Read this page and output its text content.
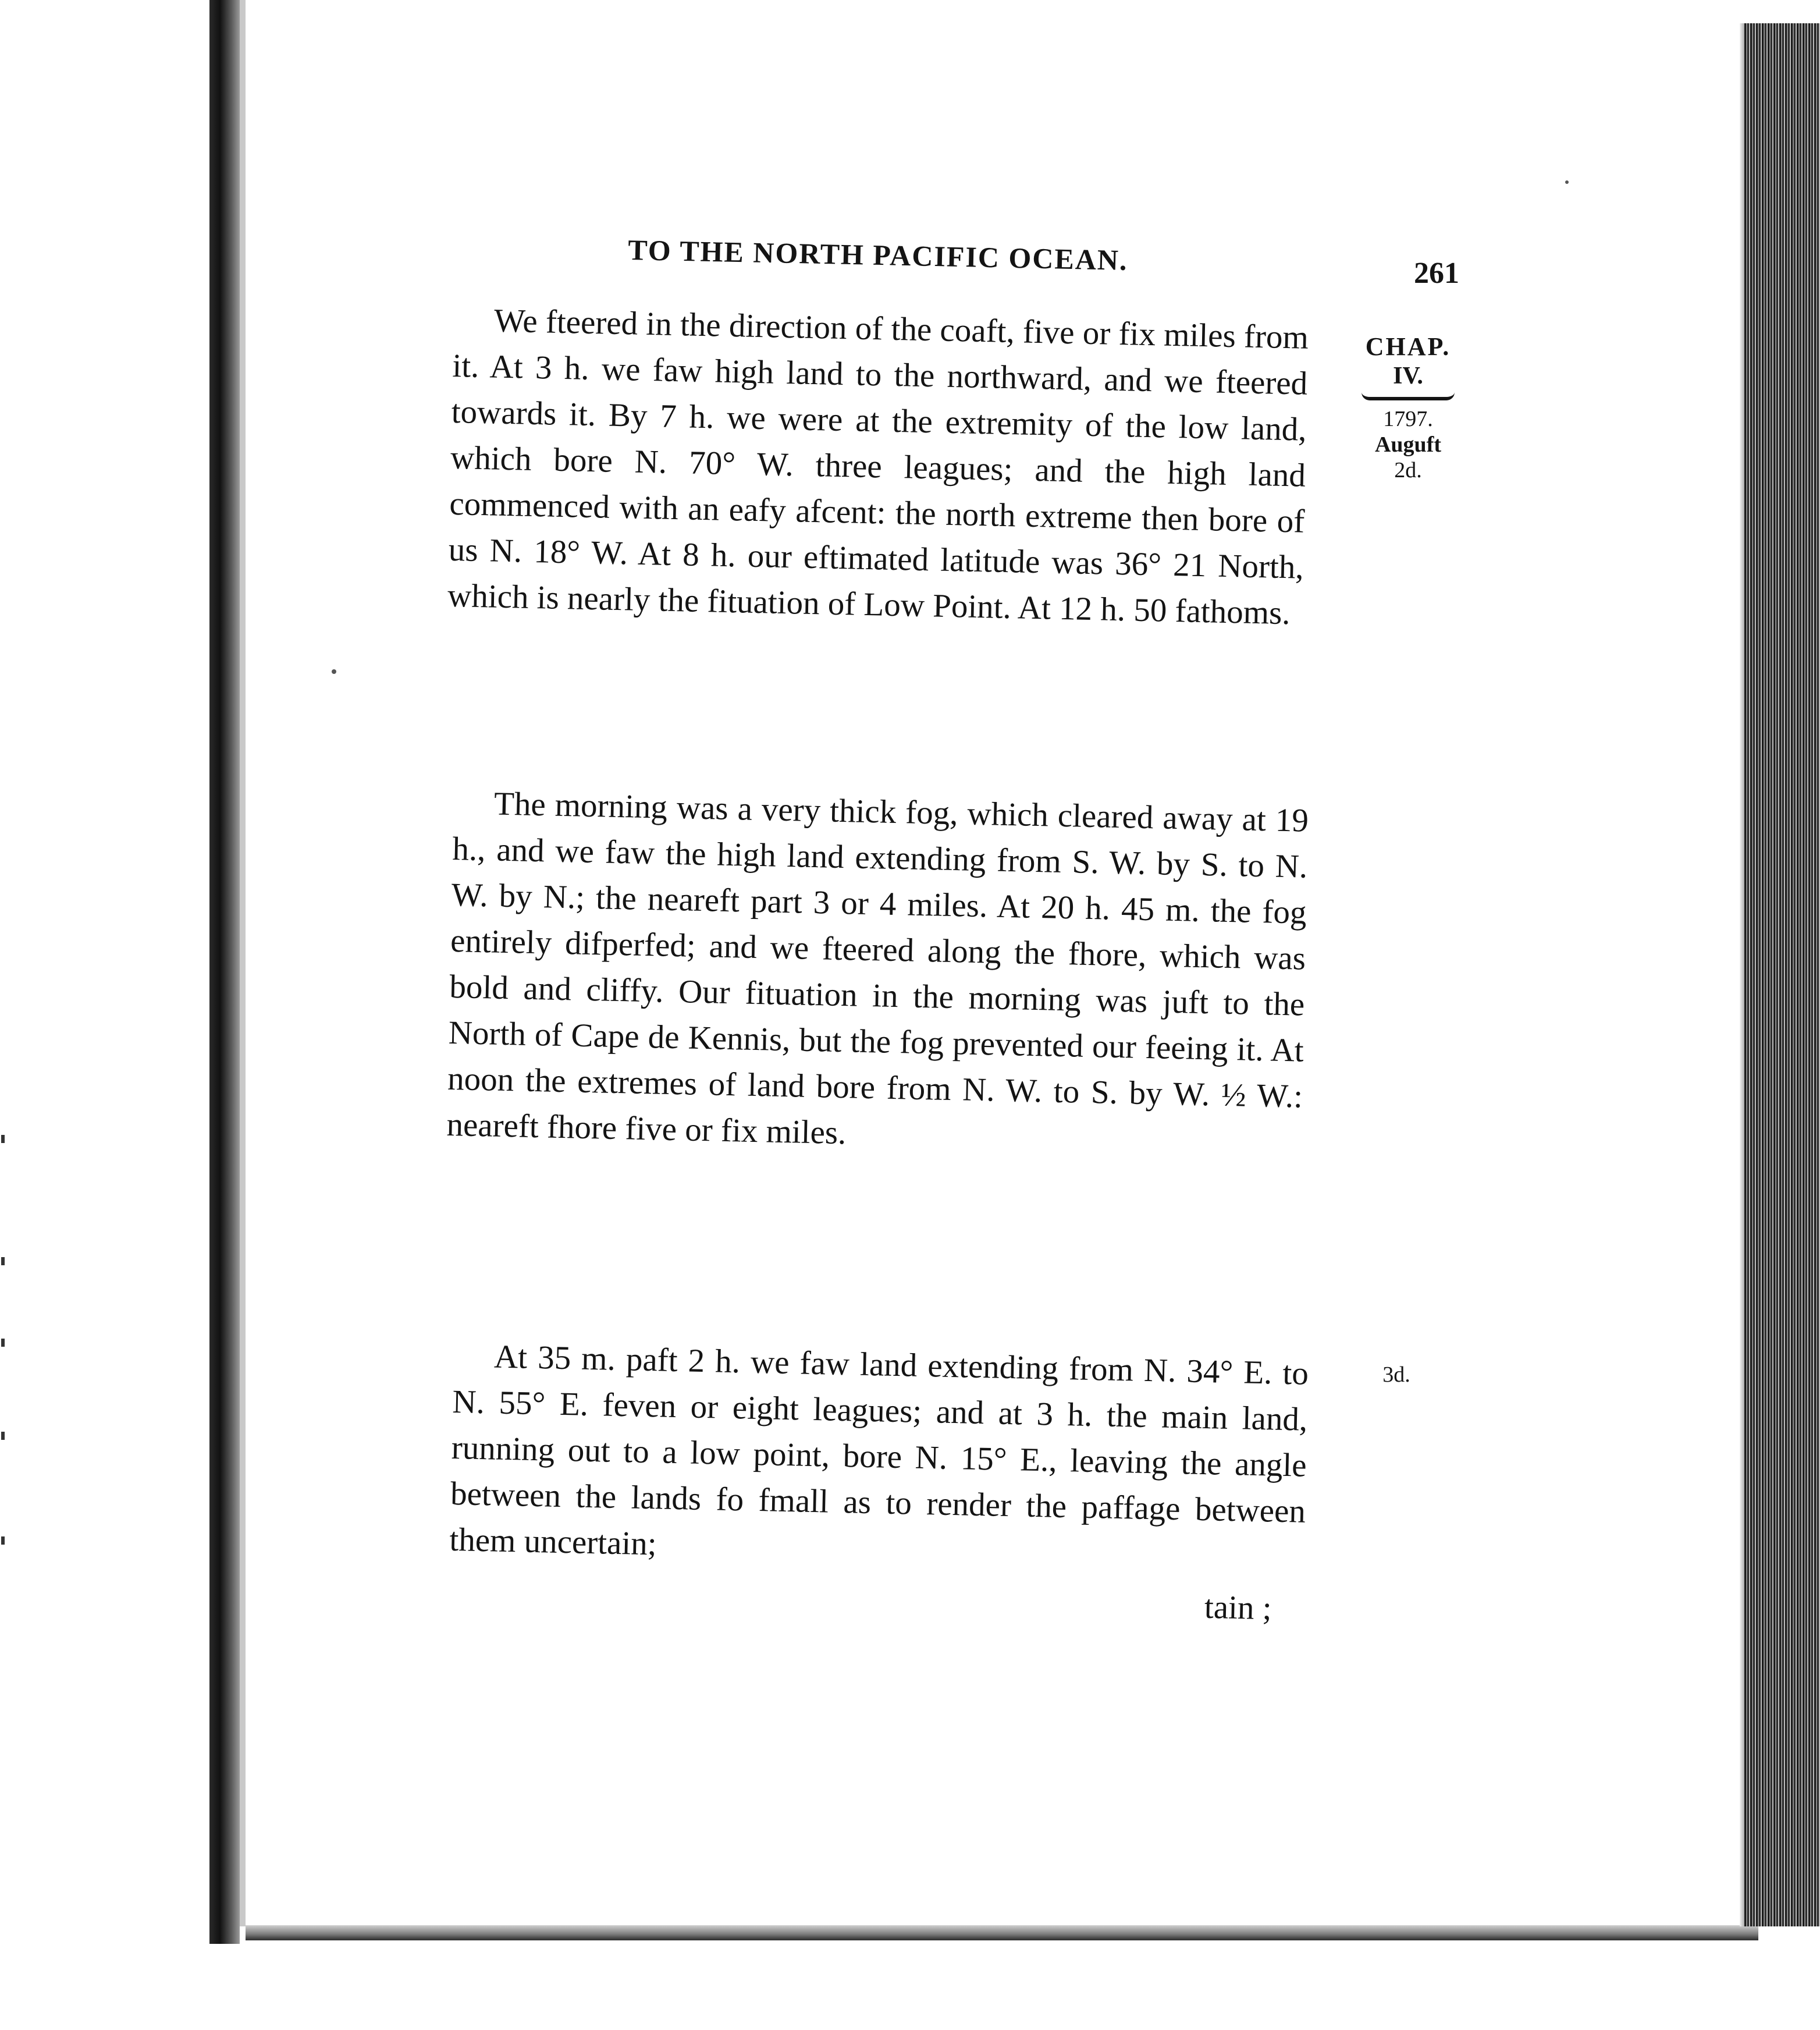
TO THE NORTH PACIFIC OCEAN.	261

We fteered in the direction of the coaft, five or fix miles from it. At 3 h. we faw high land to the northward, and we fteered towards it. By 7 h. we were at the extremity of the low land, which bore N. 70° W. three leagues; and the high land commenced with an eafy afcent: the north extreme then bore of us N. 18° W. At 8 h. our eftimated latitude was 36° 21 North, which is nearly the fituation of Low Point. At 12 h. 50 fathoms.

The morning was a very thick fog, which cleared away at 19 h., and we faw the high land extending from S. W. by S. to N. W. by N.; the neareft part 3 or 4 miles. At 20 h. 45 m. the fog entirely difperfed; and we fteered along the fhore, which was bold and cliffy. Our fituation in the morning was juft to the North of Cape de Kennis, but the fog prevented our feeing it. At noon the extremes of land bore from N. W. to S. by W. ½ W.: neareft fhore five or fix miles.

At 35 m. paft 2 h. we faw land extending from N. 34° E. to N. 55° E. feven or eight leagues; and at 3 h. the main land, running out to a low point, bore N. 15° E., leaving the angle between the lands fo fmall as to render the paffage between them uncertain;

tain ;
CHAP.
IV.
1797.
Auguft
2d.
3d.
